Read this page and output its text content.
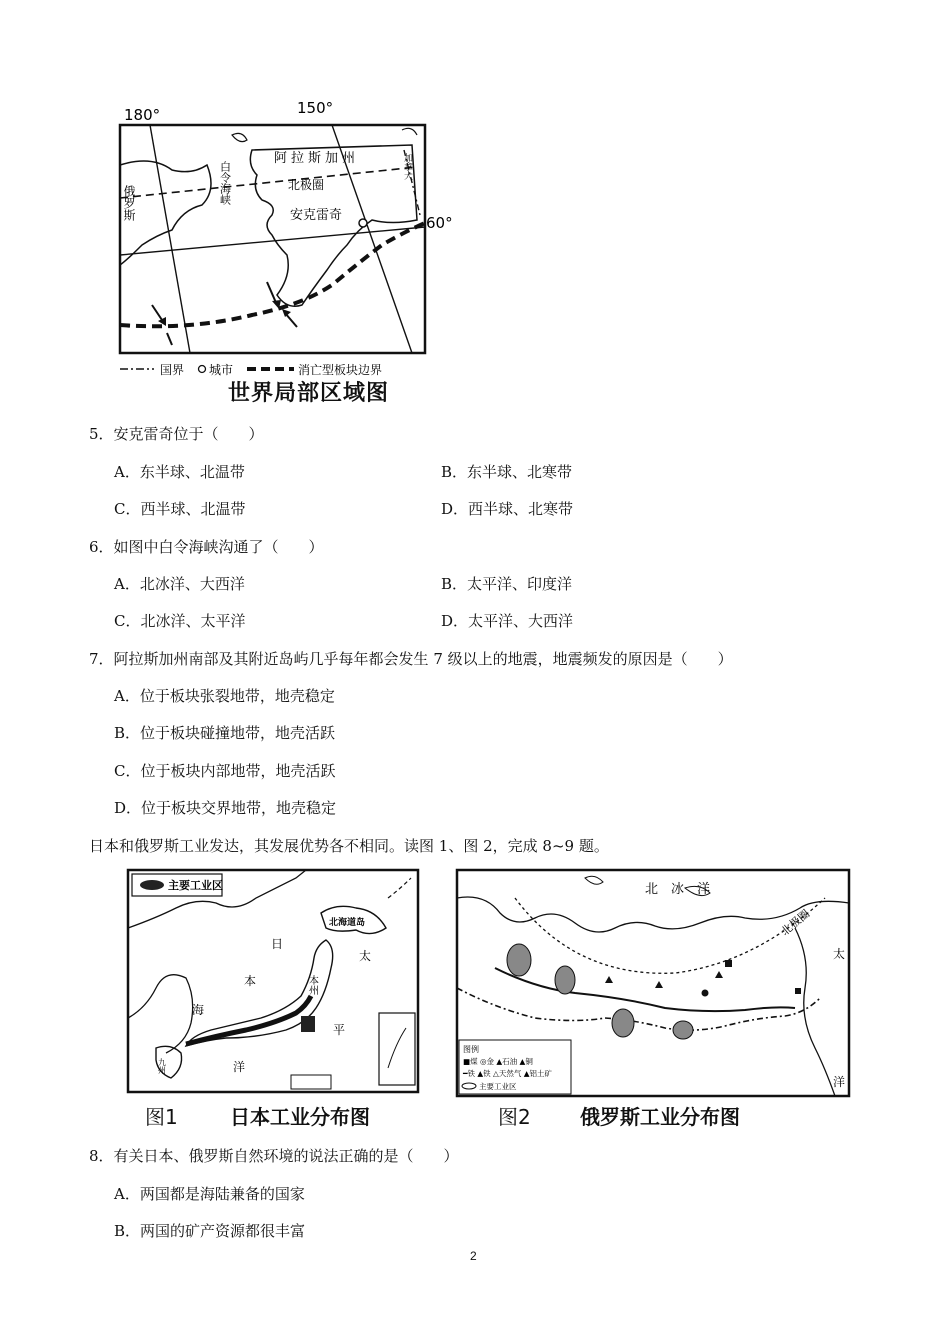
180°	150°
60°
阿拉斯加州
北极圈
安克雷奇
俄罗斯	白令海峡	加拿大
国界 城市	消亡型板块边界
世界局部区域图
5．安克雷奇位于（　　）
A．东半球、北温带	B．东半球、北寒带
C．西半球、北温带	D．西半球、北寒带
6．如图中白令海峡沟通了（　　）
A．北冰洋、大西洋	B．太平洋、印度洋
C．北冰洋、太平洋	D．太平洋、大西洋
7．阿拉斯加州南部及其附近岛屿几乎每年都会发生 7 级以上的地震，地震频发的原因是（　　）
A．位于板块张裂地带，地壳稳定
B．位于板块碰撞地带，地壳活跃
C．位于板块内部地带，地壳活跃
D．位于板块交界地带，地壳稳定
日本和俄罗斯工业发达，其发展优势各不相同。读图 1、图 2，完成 8~9 题。
主要工业区
北海道岛
九州
本州
日
本
海
太
平
洋
图1	日本工业分布图
北　冰　洋
北极圈
太
洋
图例
■煤 ◎金 ▲石油 ▲铜
━铁 ▲铁 △天然气 ▲铝土矿
主要工业区
图2 俄罗斯工业分布图
8．有关日本、俄罗斯自然环境的说法正确的是（　　）
A．两国都是海陆兼备的国家
B．两国的矿产资源都很丰富
2
